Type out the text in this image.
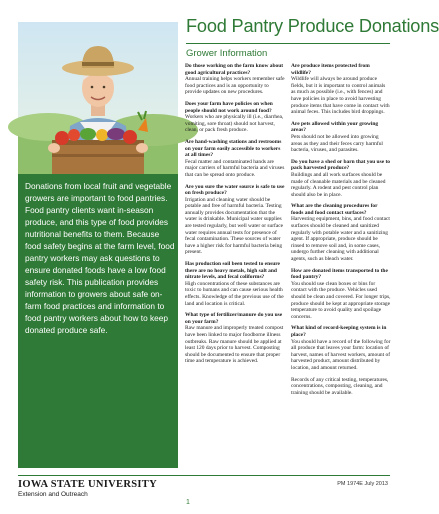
Donations from local fruit and vegetable growers are important to food pantries. Food pantry clients want in-season produce, and this type of food provides nutritional benefits to them. Because food safety begins at the farm level, food pantry workers may ask questions to ensure donated foods have a low food safety risk. This publication provides information to growers about safe on-farm food practices and information to food pantry workers about how to keep donated produce safe.
Food Pantry Produce Donations
Grower Information
Do those working on the farm know about good agricultural practices?
Annual training helps workers remember safe food practices and is an opportunity to provide updates on new procedures.
Does your farm have policies on when people should not work around food?
Workers who are physically ill (i.e., diarrhea, vomiting, sore throat) should not harvest, clean, or pack fresh produce.
Are hand-washing stations and restrooms on your farm easily accessible to workers at all times?
Fecal matter and contaminated hands are major carriers of harmful bacteria and viruses that can be spread onto produce.
Are you sure the water source is safe to use on fresh produce?
Irrigation and cleaning water should be potable and free of harmful bacteria. Testing annually provides documentation that the water is drinkable. Municipal water supplies are tested regularly, but well water or surface water requires annual tests for presence of fecal contamination. These sources of water have a higher risk for harmful bacteria being present.
Has production soil been tested to ensure there are no heavy metals, high salt and nitrate levels, and fecal coliforms?
High concentrations of these substances are toxic to humans and can cause serious health effects. Knowledge of the previous use of the land and location is critical.
What type of fertilizer/manure do you use on your farm?
Raw manure and improperly treated compost have been linked to major foodborne illness outbreaks. Raw manure should be applied at least 120 days prior to harvest. Composting should be documented to ensure that proper time and temperature is achieved.
Are produce items protected from wildlife?
Wildlife will always be around produce fields, but it is important to control animals as much as possible (i.e., with fences) and have policies in place to avoid harvesting produce items that have come in contact with animal feces. This includes bird droppings.
Are pets allowed within your growing areas?
Pets should not be allowed into growing areas as they and their feces carry harmful bacteria, viruses, and parasites.
Do you have a shed or barn that you use to pack harvested produce?
Buildings and all work surfaces should be made of cleanable materials and be cleaned regularly. A rodent and pest control plan should also be in place.
What are the cleaning procedures for foods and food contact surfaces?
Harvesting equipment, bins, and food contact surfaces should be cleaned and sanitized regularly with potable water and a sanitizing agent. If appropriate, produce should be rinsed to remove soil and, in some cases, undergo further cleaning with additional agents, such as bleach water.
How are donated items transported to the food pantry?
You should use clean boxes or bins for contact with the produce. Vehicles used should be clean and covered. For longer trips, produce should be kept at appropriate storage temperature to avoid quality and spoilage concerns.
What kind of record-keeping system is in place?
You should have a record of the following for all produce that leaves your farm: location of harvest, names of harvest workers, amount of harvested product, amount distributed by location, and amount returned.
Records of any critical testing, temperatures, concentrations, composting, cleaning, and training should be available.
IOWA STATE UNIVERSITY
Extension and Outreach
PM 1974E July 2013
1
